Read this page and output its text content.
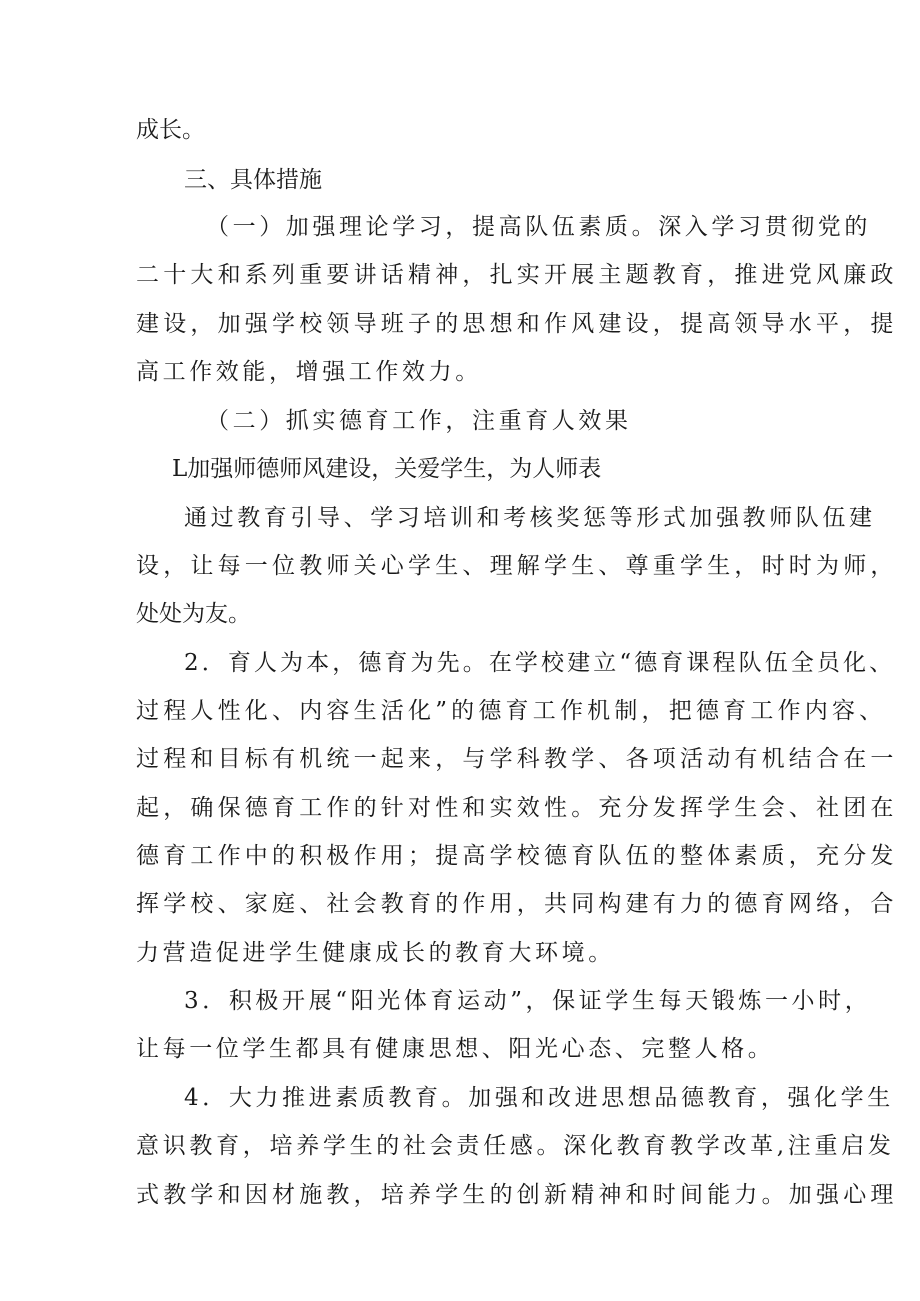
成长。
三、具体措施
（一）加强理论学习，提高队伍素质。深入学习贯彻党的
二十大和系列重要讲话精神，扎实开展主题教育，推进党风廉政
建设，加强学校领导班子的思想和作风建设，提高领导水平，提
高工作效能，增强工作效力。
（二）抓实德育工作，注重育人效果
L加强师德师风建设，关爱学生，为人师表
通过教育引导、学习培训和考核奖惩等形式加强教师队伍建
设，让每一位教师关心学生、理解学生、尊重学生，时时为师，
处处为友。
2．育人为本，德育为先。在学校建立“德育课程队伍全员化、
过程人性化、内容生活化”的德育工作机制，把德育工作内容、
过程和目标有机统一起来，与学科教学、各项活动有机结合在一
起，确保德育工作的针对性和实效性。充分发挥学生会、社团在
德育工作中的积极作用；提高学校德育队伍的整体素质，充分发
挥学校、家庭、社会教育的作用，共同构建有力的德育网络，合
力营造促进学生健康成长的教育大环境。
3．积极开展“阳光体育运动”，保证学生每天锻炼一小时，
让每一位学生都具有健康思想、阳光心态、完整人格。
4．大力推进素质教育。加强和改进思想品德教育，强化学生
意识教育，培养学生的社会责任感。深化教育教学改革,注重启发
式教学和因材施教，培养学生的创新精神和时间能力。加强心理
